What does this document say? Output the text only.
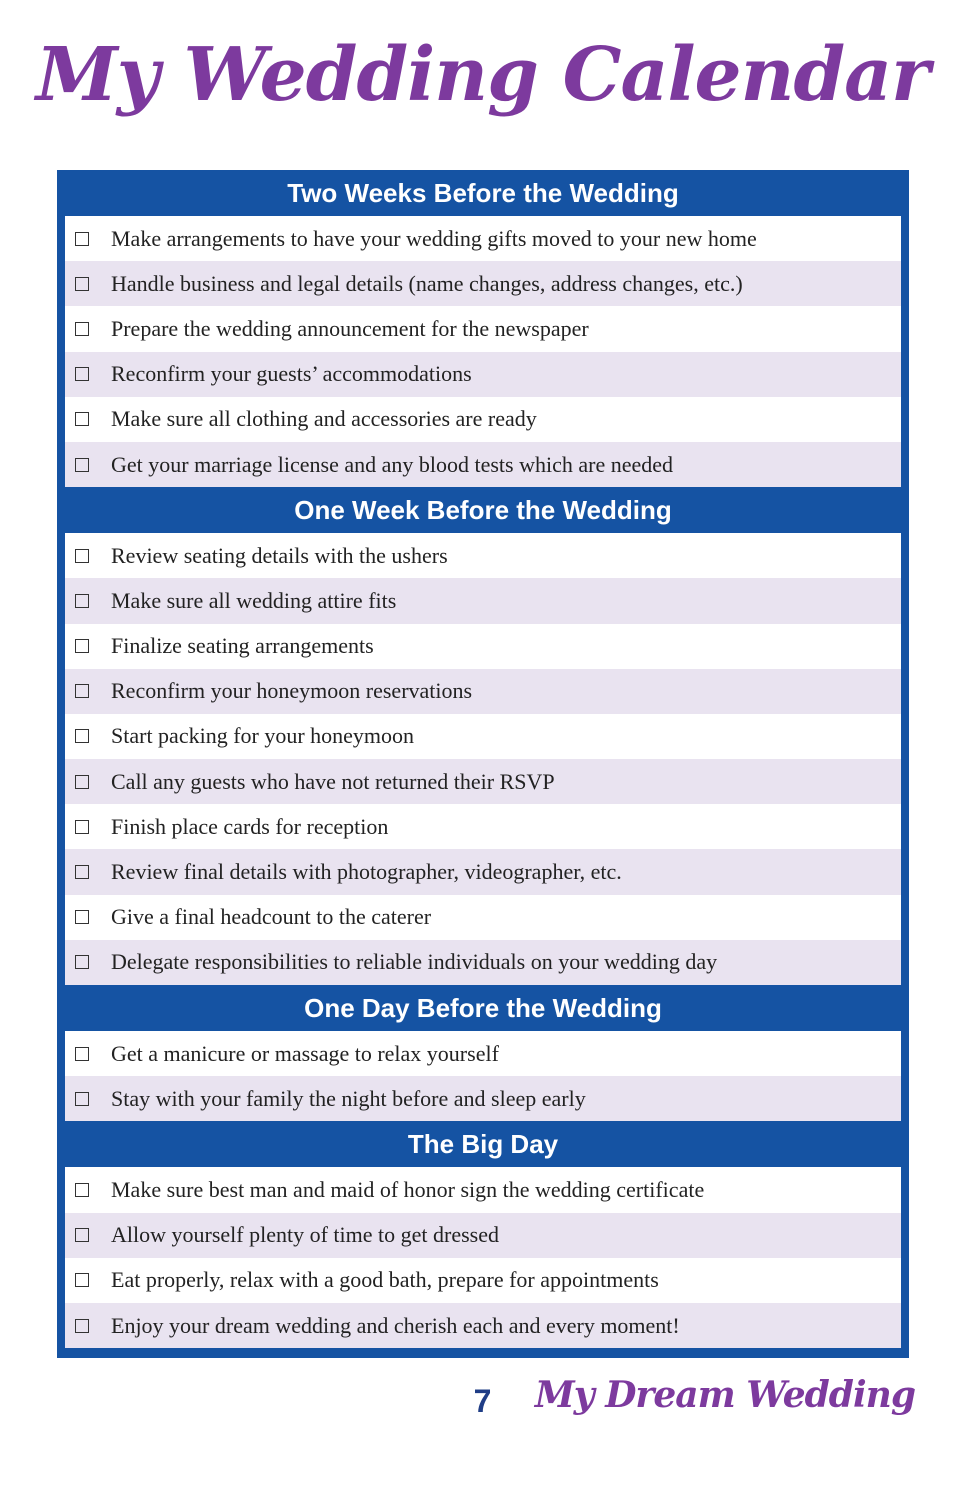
My Wedding Calendar
Two Weeks Before the Wedding
Make arrangements to have your wedding gifts moved to your new home
Handle business and legal details (name changes, address changes, etc.)
Prepare the wedding announcement for the newspaper
Reconfirm your guests’ accommodations
Make sure all clothing and accessories are ready
Get your marriage license and any blood tests which are needed
One Week Before the Wedding
Review seating details with the ushers
Make sure all wedding attire fits
Finalize seating arrangements
Reconfirm your honeymoon reservations
Start packing for your honeymoon
Call any guests who have not returned their RSVP
Finish place cards for reception
Review final details with photographer, videographer, etc.
Give a final headcount to the caterer
Delegate responsibilities to reliable individuals on your wedding day
One Day Before the Wedding
Get a manicure or massage to relax yourself
Stay with your family the night before and sleep early
The Big Day
Make sure best man and maid of honor sign the wedding certificate
Allow yourself plenty of time to get dressed
Eat properly, relax with a good bath, prepare for appointments
Enjoy your dream wedding and cherish each and every moment!
7	My Dream Wedding
